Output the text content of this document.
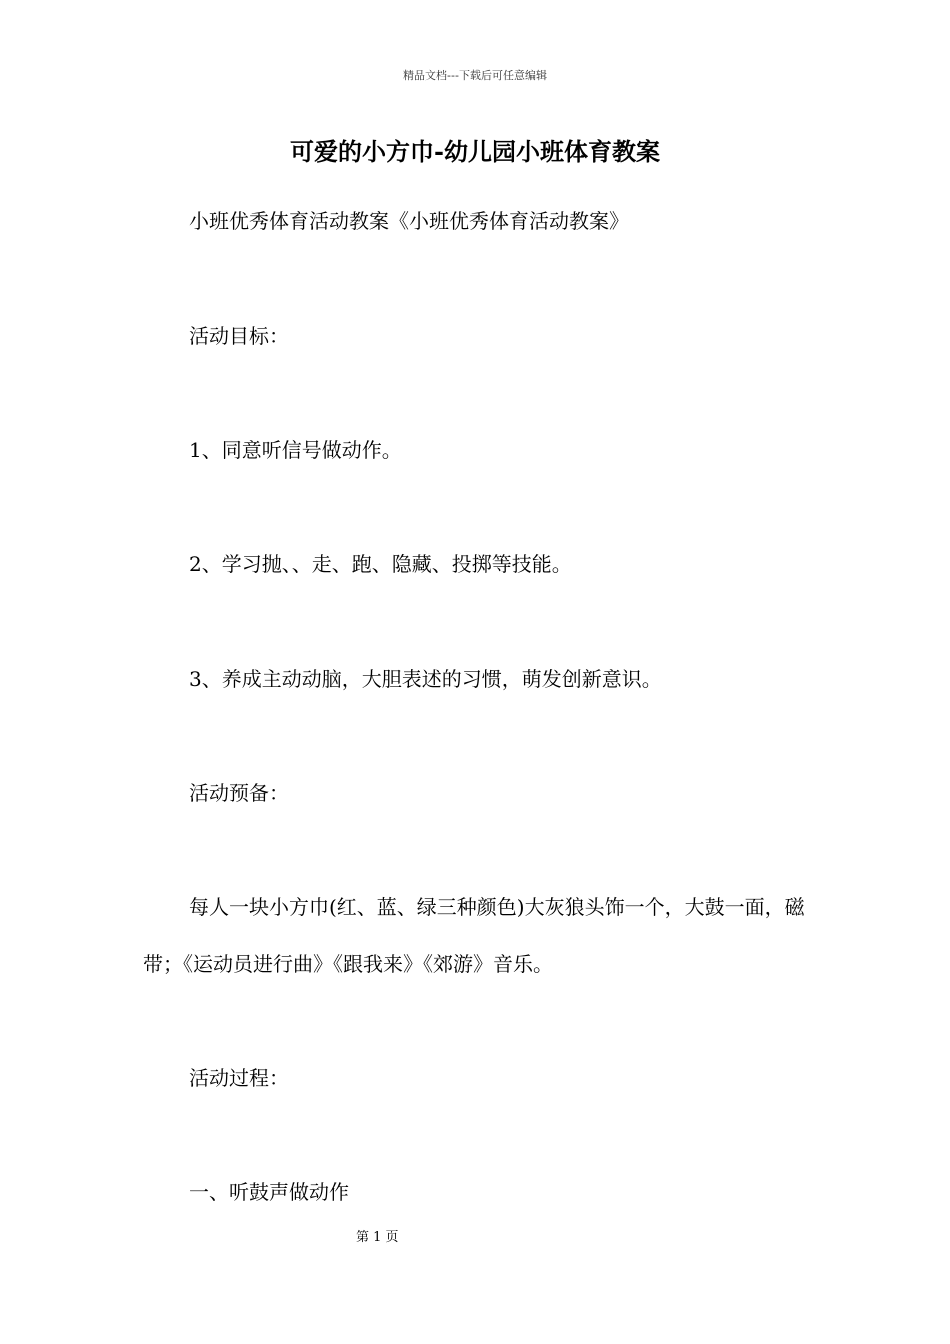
精品文档---下载后可任意编辑
可爱的小方巾-幼儿园小班体育教案

小班优秀体育活动教案《小班优秀体育活动教案》

活动目标：

1、同意听信号做动作。

2、学习抛、、走、跑、隐藏、投掷等技能。

3、养成主动动脑，大胆表述的习惯，萌发创新意识。

活动预备：

每人一块小方巾(红、蓝、绿三种颜色)大灰狼头饰一个，大鼓一面，磁带；《运动员进行曲》《跟我来》《郊游》音乐。

活动过程：

一、听鼓声做动作

第 1 页
